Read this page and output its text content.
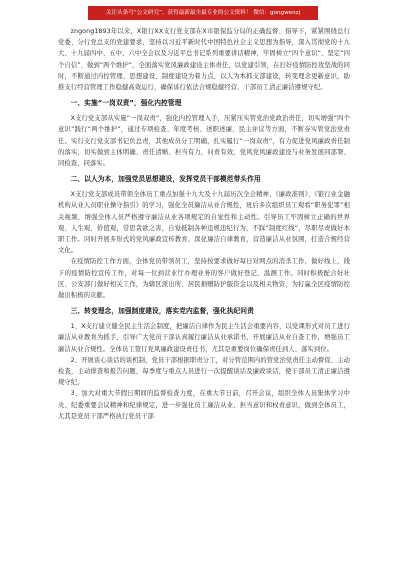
关注头条号“公文研究”，获得最新最全最专业的公文资料！ 微信：gongwenzj

zngong1893年以来，X银行XX支行党支部在X市银保监分局的正确监督、指导下，紧紧围绕总行党委、分行党总支的党建要求，坚持以习近平新时代中国特色社会主义思想为指导，深入贯彻党的十九大、十九届四中、五中、六中全会以及习近平总书记系列重要讲话精神，牢固树立“四个意识”、坚定“四个自信”、做到“两个维护”，全面落实党风廉政建设主体责任，以党建引领，在打好疫情防控攻坚战的同时，不断通过内控管理、思想建设、制度建设为着力点，以人为本抓支部建设，转变理念更新意识，助推支行经营管理工作稳健高效运行，确保该行依法合规稳健经营，干部员工清正廉洁遵规守纪。

一、实施“一岗双责”，强化内控管理

X支行党支部从实施“一岗双责”，强化内控管理入手，压紧压实管党治党政治责任，切实增强“四个意识”践行“两个维护”，通过专项检查、年度考核、述职述廉、民主评议等方面，不断夯实管党治党责任。实行支行党支部书记负总责，其他成员分工明确，扎实履行“一岗双责”，有力促进党风廉政责任制的落实，切实做到主体明确、责任清晰、担当有力，问责有效，党风党风廉政建设与业务发展同部署、同检查、同落实。

二、以人为本，加强党员思想建设，发挥党员干部模范带头作用

X支行党支部成员带领全体员工重点加强十九大及十九届历次全会精神、《廉政准则》、《银行业金融机构从业人员职业操守指引》的学习，强化全员廉洁从业合规性，班后多次组织员工观看“职务犯罪”相关视频，增强全体人员严格遵守廉洁从业各项规定的自觉性和主动性。引导员工牢固树立正确的世界观、人生观、价值观，常思贪欲之害，自觉抵制各种违规违纪行为，不踩“制度红线”，尽职尽责做好本职工作。同时开展多形式的党风廉政宣传教育，深化廉洁自律教育，营造廉洁从业氛围，打造合规经营文化。

在疫情防控工作方面，全体党员带领员工，坚持按要求做好每日对网点的消杀工作，做好线上、线下的疫情防控宣传工作，对每一位到营业厅办理业务的客户做好登记、温测工作。同时积极配合好社区、公安部门做好相关工作，为辖区派出所、居民捐赠防护服资金以及相关物资，为打赢全区疫情防控做出积极的贡献。

三、转变理念，加强制度建设，落实党内监督，强化执纪问责

1、X支行建立健全民主生活会制度，把廉洁自律作为民主生活会重要内容，以党课形式对员工进行廉洁从业教育为抓手，引导广大党员干部认真履行廉洁从业承诺书，开展廉洁从业自查工作，增强员工廉洁从业合规性。全体员工签订党风廉政建设责任书，尤其是重要岗位确保责任到人、落实到位。

2、开展谈心谈话的谈机制，党员干部根据职责分工，对分管范围内的管党治党责任主动督促、主动检查，主动排查和报告问题，每季度与重点人员进行一次提醒谈话及廉政谈话，使干部员工清正廉洁遵规守纪。

3、加大对重大节假日期间的监督检查力度，在重大节日前，召开会议，组织全体人员集体学习中央、纪委重要会议精神和纪律规定，进一步强化员工廉洁从业、担当意识和权责意识，做到全体员工，尤其是党员干部严格执行党员干部
